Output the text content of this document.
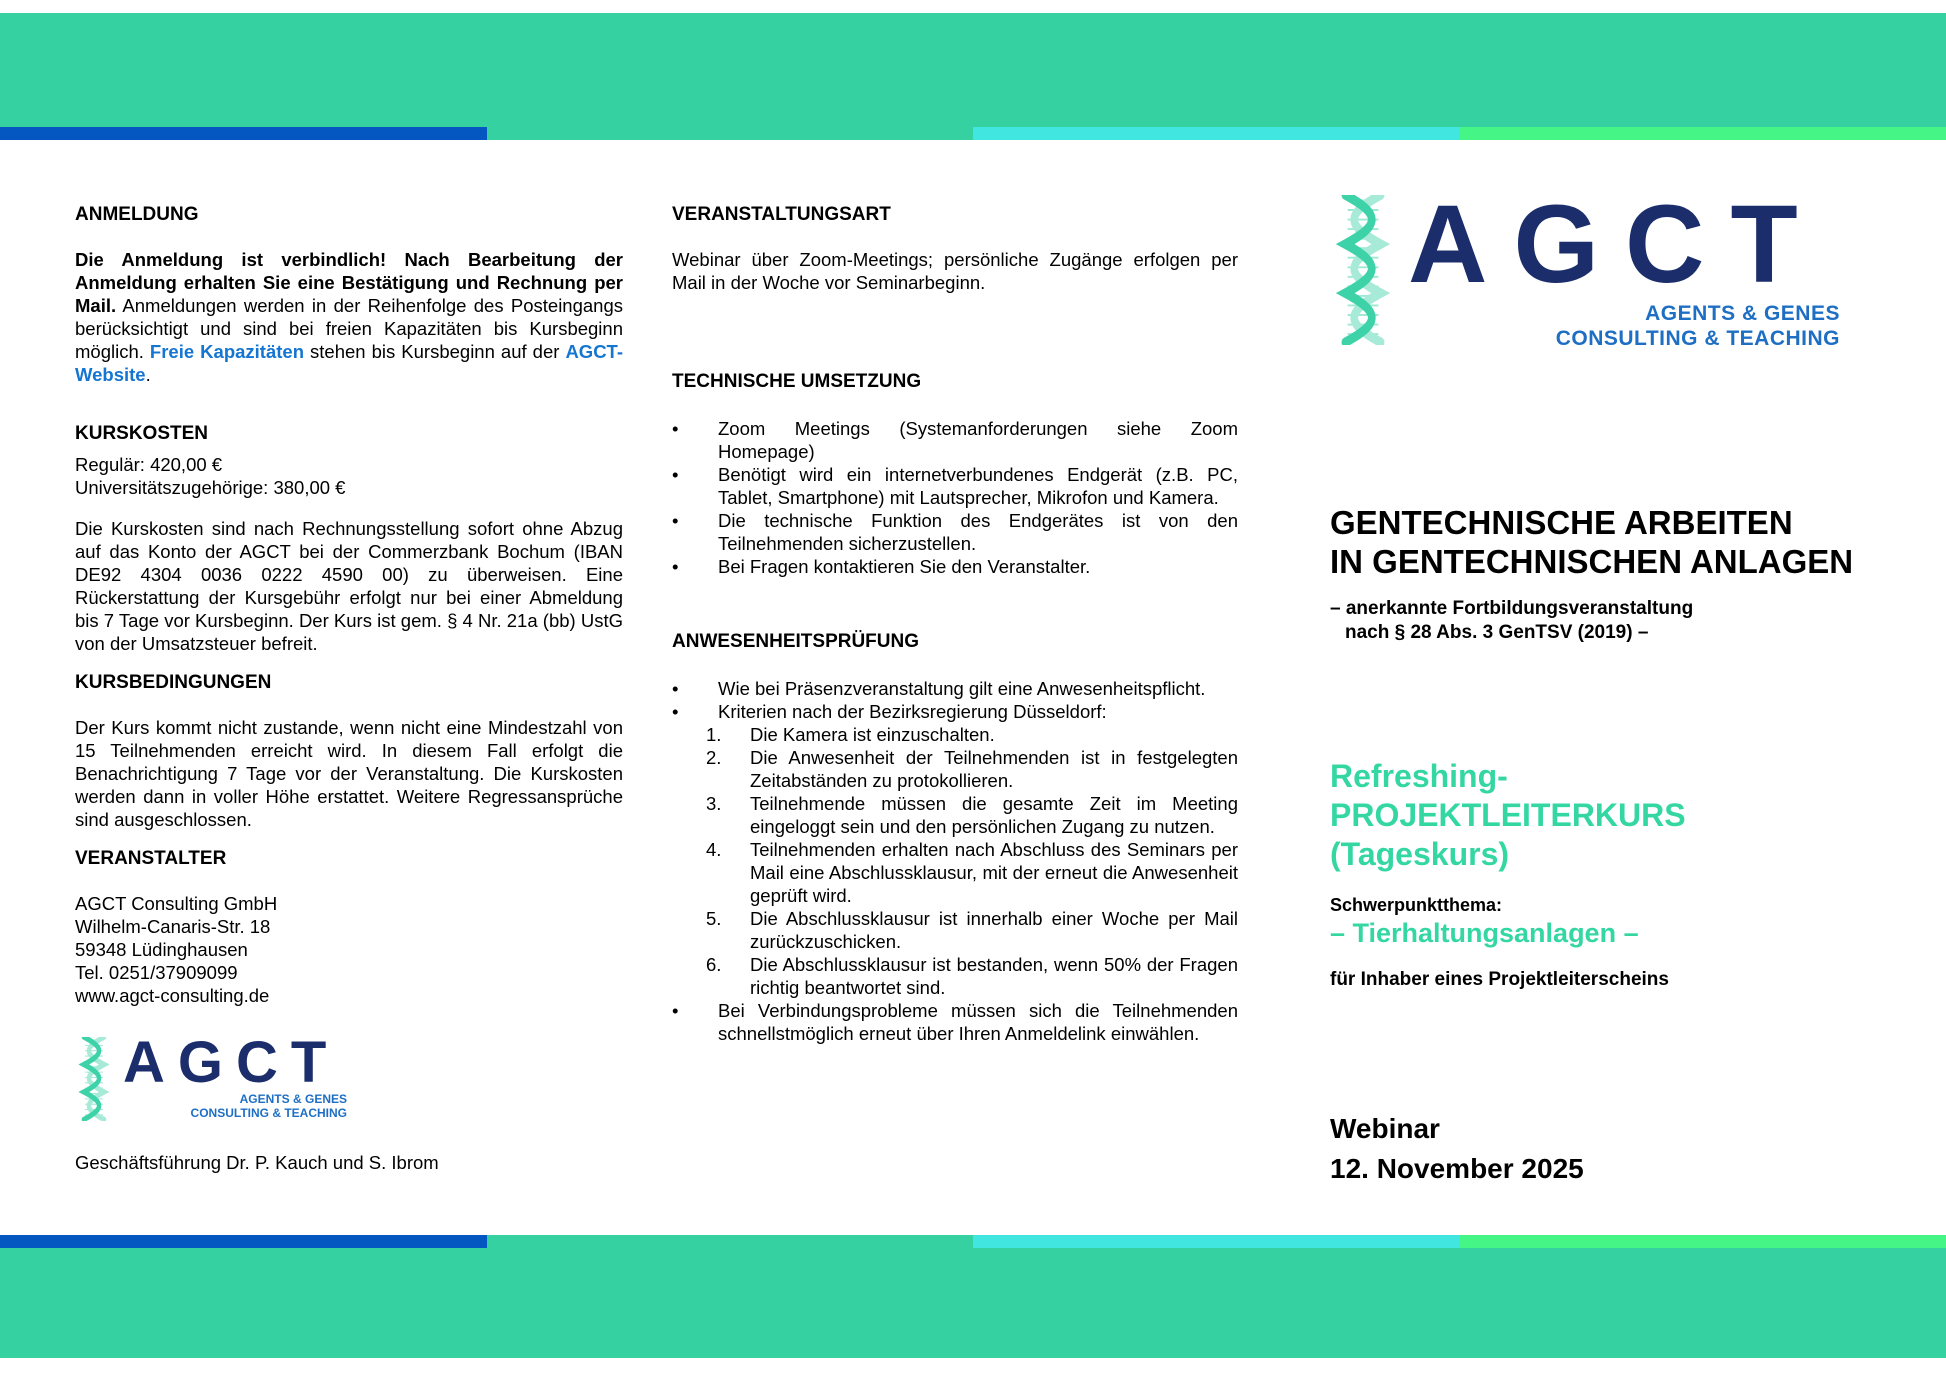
ANMELDUNG

Die Anmeldung ist verbindlich! Nach Bearbeitung der Anmeldung erhalten Sie eine Bestätigung und Rechnung per Mail. Anmeldungen werden in der Reihenfolge des Posteingangs berücksichtigt und sind bei freien Kapazitäten bis Kursbeginn möglich. Freie Kapazitäten stehen bis Kursbeginn auf der AGCT-Website.

KURSKOSTEN

Regulär: 420,00 €
Universitätszugehörige: 380,00 €

Die Kurskosten sind nach Rechnungsstellung sofort ohne Abzug auf das Konto der AGCT bei der Commerzbank Bochum (IBAN DE92 4304 0036 0222 4590 00) zu überweisen. Eine Rückerstattung der Kursgebühr erfolgt nur bei einer Abmeldung bis 7 Tage vor Kursbeginn. Der Kurs ist gem. § 4 Nr. 21a (bb) UstG von der Umsatzsteuer befreit.

KURSBEDINGUNGEN

Der Kurs kommt nicht zustande, wenn nicht eine Mindestzahl von 15 Teilnehmenden erreicht wird. In diesem Fall erfolgt die Benachrichtigung 7 Tage vor der Veranstaltung. Die Kurskosten werden dann in voller Höhe erstattet. Weitere Regressansprüche sind ausgeschlossen.

VERANSTALTER
AGCT Consulting GmbH
Wilhelm-Canaris-Str. 18
59348 Lüdinghausen
Tel. 0251/37909099
www.agct-consulting.de
AGCT
AGENTS & GENES
CONSULTING & TEACHING

Geschäftsführung Dr. P. Kauch und S. Ibrom

VERANSTALTUNGSART

Webinar über Zoom-Meetings; persönliche Zugänge erfolgen per Mail in der Woche vor Seminarbeginn.

TECHNISCHE UMSETZUNG
• Zoom Meetings (Systemanforderungen siehe Zoom Homepage)
• Benötigt wird ein internetverbundenes Endgerät (z.B. PC, Tablet, Smartphone) mit Lautsprecher, Mikrofon und Kamera.
• Die technische Funktion des Endgerätes ist von den Teilnehmenden sicherzustellen.
• Bei Fragen kontaktieren Sie den Veranstalter.
ANWESENHEITSPRÜFUNG
• Wie bei Präsenzveranstaltung gilt eine Anwesenheitspflicht.
• Kriterien nach der Bezirksregierung Düsseldorf:
1.	Die Kamera ist einzuschalten.
2.	Die Anwesenheit der Teilnehmenden ist in festgelegten Zeitabständen zu protokollieren.
3.	Teilnehmende müssen die gesamte Zeit im Meeting eingeloggt sein und den persönlichen Zugang zu nutzen.
4.	Teilnehmenden erhalten nach Abschluss des Seminars per Mail eine Abschlussklausur, mit der erneut die Anwesenheit geprüft wird.
5.	Die Abschlussklausur ist innerhalb einer Woche per Mail zurückzuschicken.
6.	Die Abschlussklausur ist bestanden, wenn 50% der Fragen richtig beantwortet sind.
• Bei Verbindungsprobleme müssen sich die Teilnehmenden schnellstmöglich erneut über Ihren Anmeldelink einwählen.
AGCT
AGENTS & GENES
CONSULTING & TEACHING
GENTECHNISCHE ARBEITEN
IN GENTECHNISCHEN ANLAGEN
– anerkannte Fortbildungsveranstaltung
nach § 28 Abs. 3 GenTSV (2019) –
Refreshing-
PROJEKTLEITERKURS
(Tageskurs)
Schwerpunktthema:
– Tierhaltungsanlagen –
für Inhaber eines Projektleiterscheins
Webinar
12. November 2025
